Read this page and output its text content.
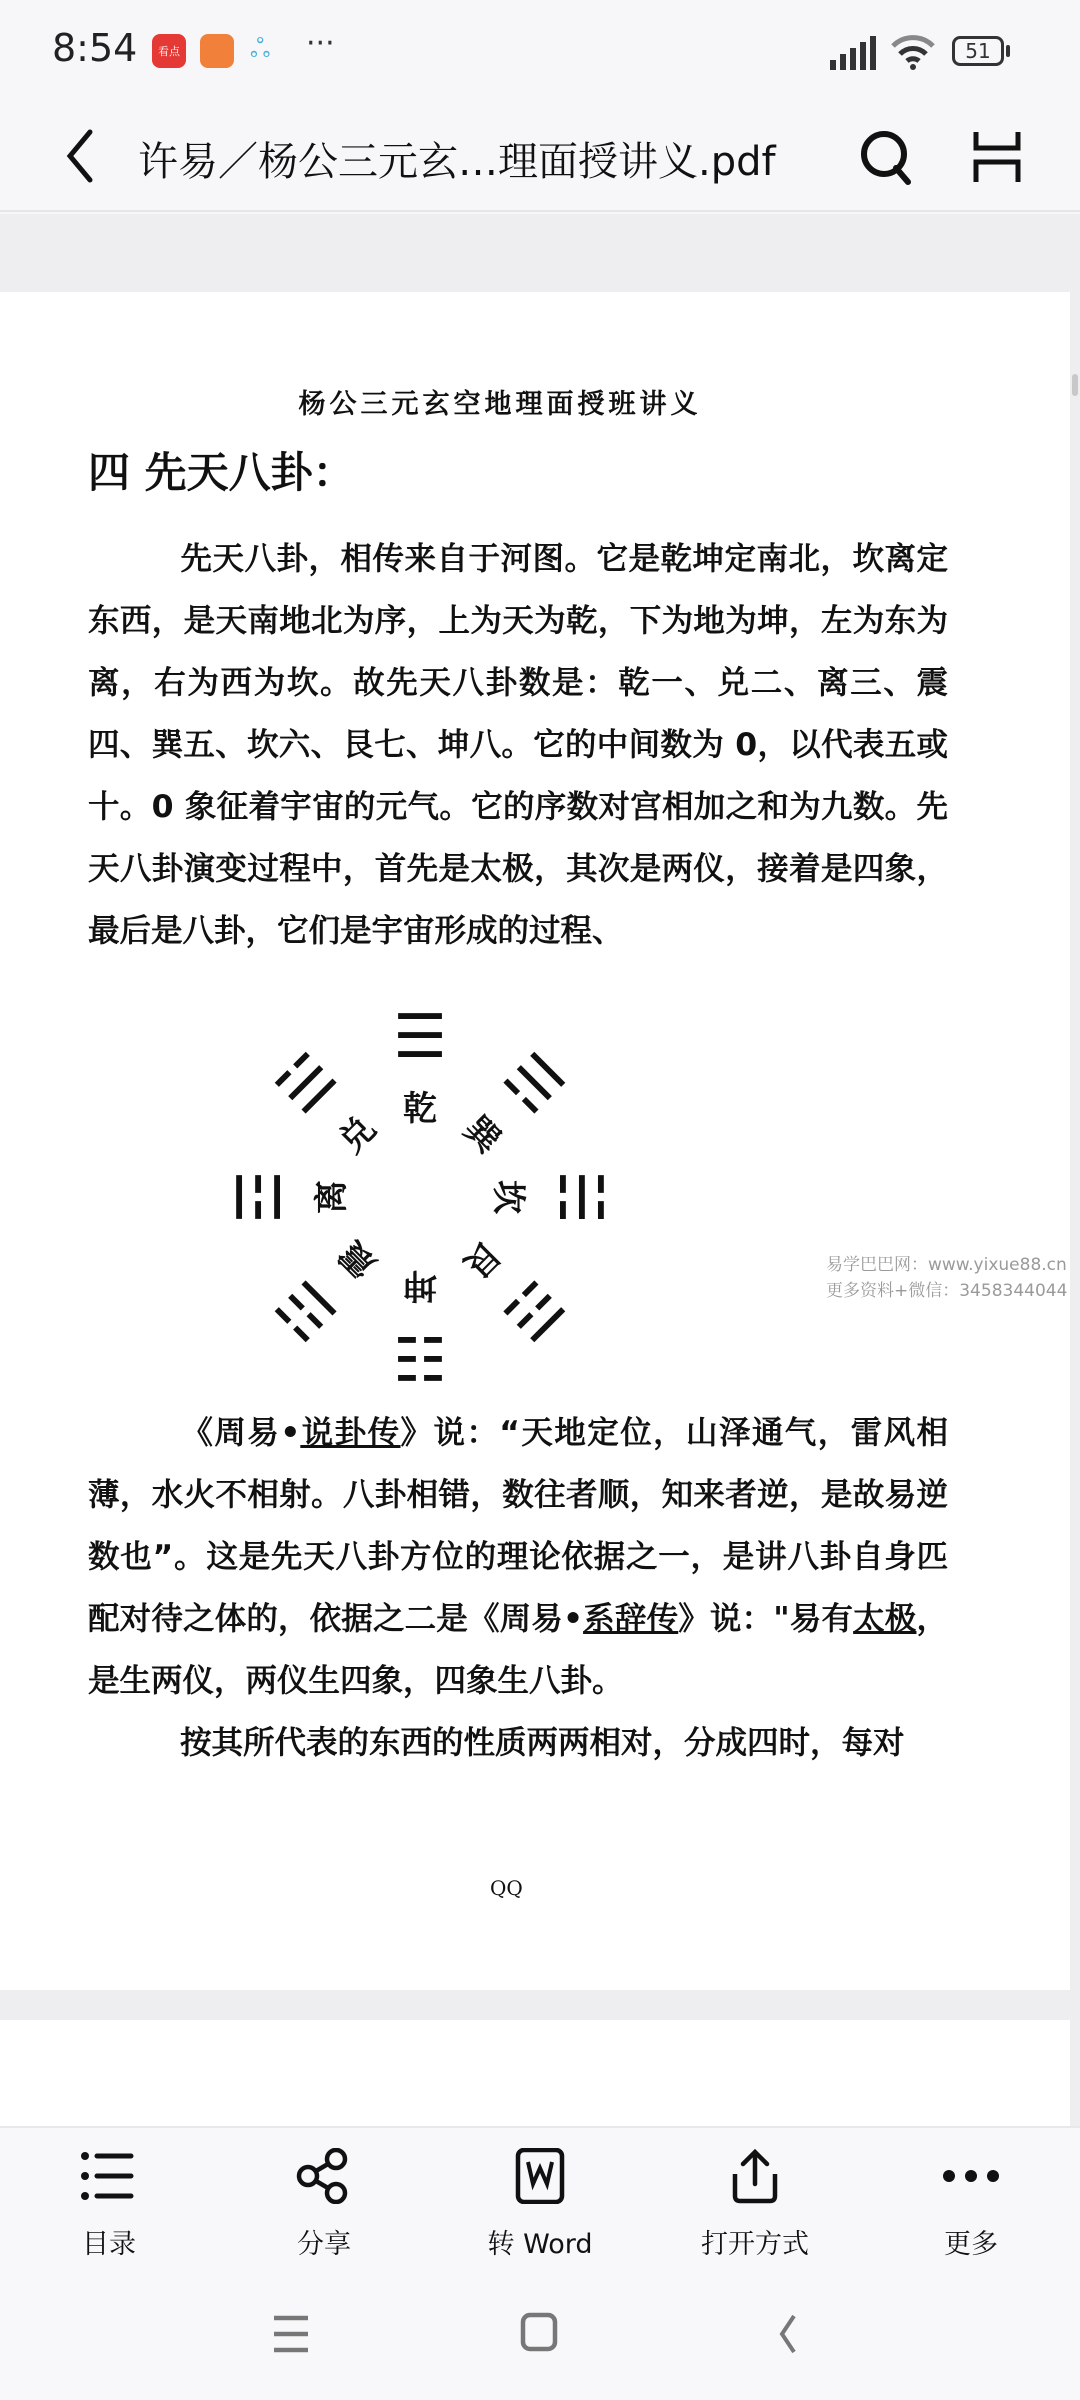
8:54	看点	ஃ ···	51
许易／杨公三元玄…理面授讲义.pdf
杨公三元玄空地理面授班讲义
四 先天八卦：
先天八卦，相传来自于河图。它是乾坤定南北，坎离定东西，是天南地北为序，上为天为乾，下为地为坤，左为东为离，右为西为坎。故先天八卦数是：乾一、兑二、离三、震四、巽五、坎六、艮七、坤八。它的中间数为 0，以代表五或十。0 象征着宇宙的元气。它的序数对宫相加之和为九数。先天八卦演变过程中，首先是太极，其次是两仪，接着是四象，最后是八卦，它们是宇宙形成的过程、
☰
乾 ☴
巽
☵
坎
☶
艮
☷
坤
☳
震
☲ 离
☱
兑
易学巴巴网：www.yixue88.cn
更多资料+微信：3458344044
《周易•说卦传》说：“天地定位，山泽通气，雷风相薄，水火不相射。八卦相错，数往者顺，知来者逆，是故易逆数也”。这是先天八卦方位的理论依据之一，是讲八卦自身匹配对待之体的，依据之二是《周易•系辞传》说："易有太极，是生两仪，两仪生四象，四象生八卦。
按其所代表的东西的性质两两相对，分成四时，每对
QQ
目录	分享	转 Word	打开方式	更多
